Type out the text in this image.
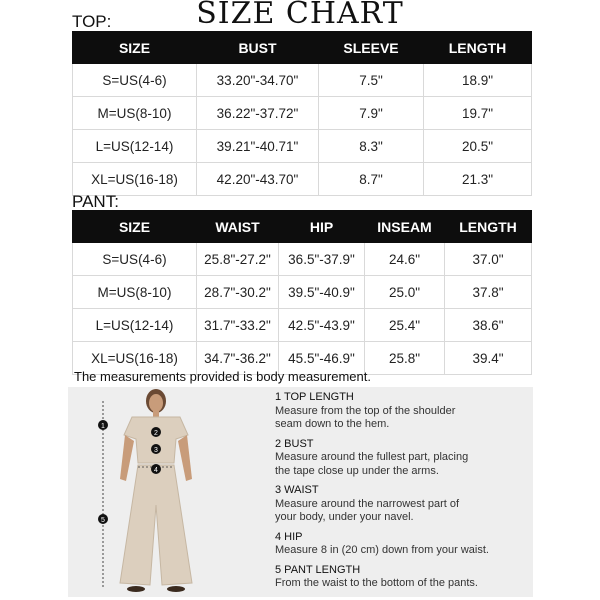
SIZE CHART
TOP:
SIZE	BUST	SLEEVE	LENGTH
S=US(4-6)	33.20"-34.70"	7.5"	18.9"
M=US(8-10)	36.22"-37.72"	7.9"	19.7"
L=US(12-14)	39.21"-40.71"	8.3"	20.5"
XL=US(16-18)	42.20"-43.70"	8.7"	21.3"
PANT:
SIZE	WAIST	HIP	INSEAM	LENGTH
S=US(4-6)	25.8"-27.2"	36.5"-37.9"	24.6"	37.0"
M=US(8-10)	28.7"-30.2"	39.5"-40.9"	25.0"	37.8"
L=US(12-14)	31.7"-33.2"	42.5"-43.9"	25.4"	38.6"
XL=US(16-18)	34.7"-36.2"	45.5"-46.9"	25.8"	39.4"
The measurements provided is body measurement.
1
2
3
4
5
1 TOP LENGTH
Measure from the top of the shoulder
seam down to the hem.
2 BUST
Measure around the fullest part, placing
the tape close up under the arms.
3 WAIST
Measure around the narrowest part of
your body, under your navel.
4 HIP
Measure 8 in (20 cm) down from your waist.
5 PANT LENGTH
From the waist to the bottom of the pants.
